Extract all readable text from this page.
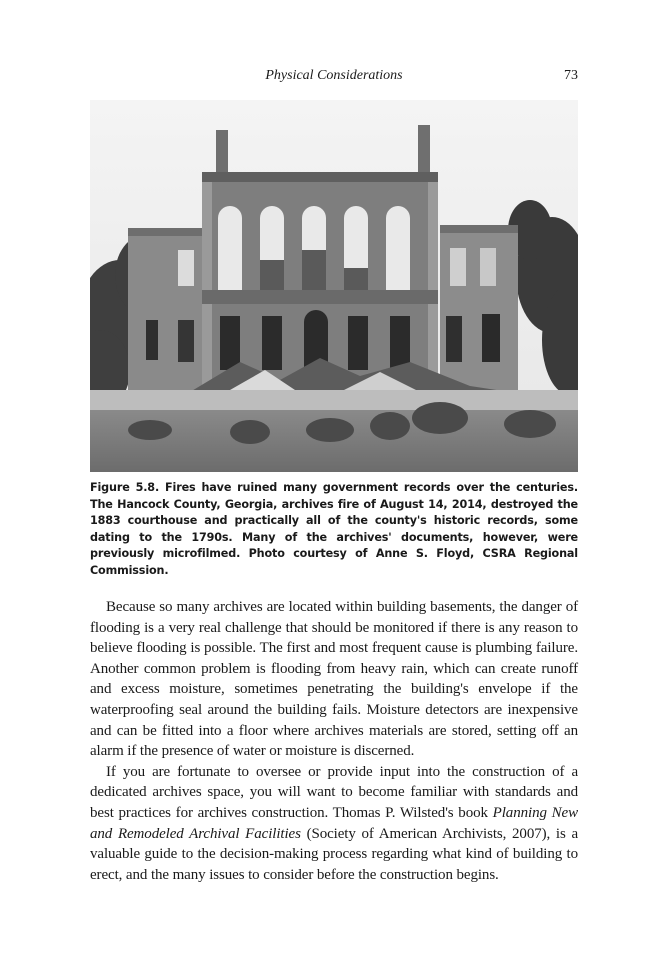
Physical Considerations	73
Figure 5.8. Fires have ruined many government records over the centuries. The Hancock County, Georgia, archives fire of August 14, 2014, destroyed the 1883 courthouse and practically all of the county's historic records, some dating to the 1790s. Many of the archives' documents, however, were previously microfilmed. Photo courtesy of Anne S. Floyd, CSRA Regional Commission.

Because so many archives are located within building basements, the danger of flooding is a very real challenge that should be monitored if there is any reason to believe flooding is possible. The first and most frequent cause is plumbing failure. Another common problem is flooding from heavy rain, which can create runoff and excess moisture, sometimes penetrating the building's envelope if the waterproofing seal around the building fails. Moisture detectors are inexpensive and can be fitted into a floor where archives materials are stored, setting off an alarm if the presence of water or moisture is discerned.

If you are fortunate to oversee or provide input into the construction of a dedicated archives space, you will want to become familiar with standards and best practices for archives construction. Thomas P. Wilsted's book Planning New and Remodeled Archival Facilities (Society of American Archivists, 2007), is a valuable guide to the decision-making process regarding what kind of building to erect, and the many issues to consider before the construction begins.
